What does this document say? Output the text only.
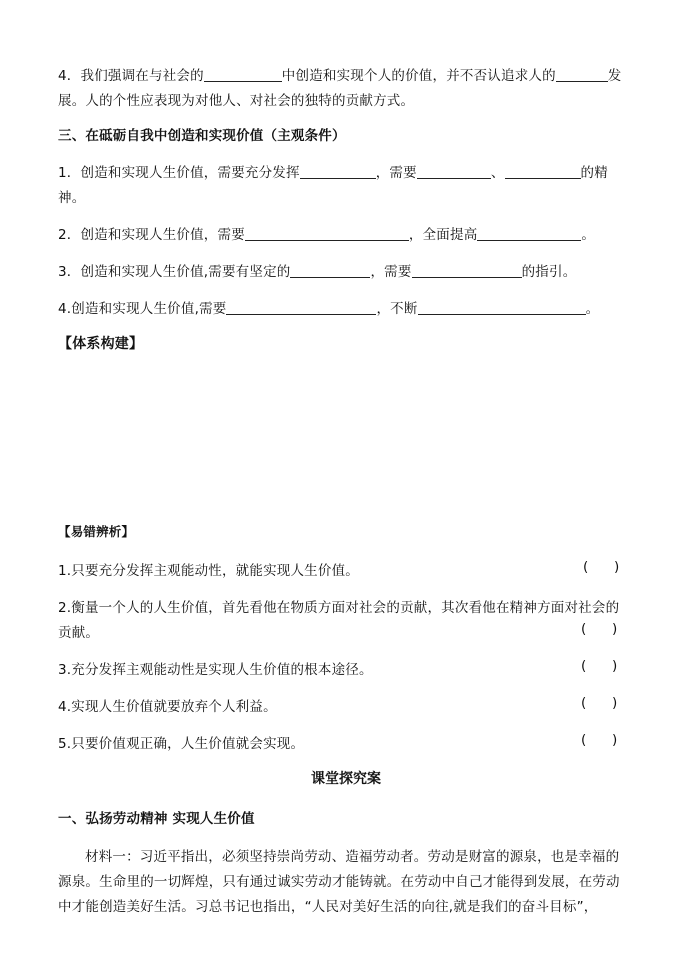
4．我们强调在与社会的	中创造和实现个人的价值，并不否认追求人的	发
展。人的个性应表现为对他人、对社会的独特的贡献方式。
三、在砥砺自我中创造和实现价值（主观条件）
1．创造和实现人生价值，需要充分发挥	，需要	、	的精
神。
2．创造和实现人生价值，需要	，全面提高	。
3．创造和实现人生价值,需要有坚定的	，需要	的指引。
4.创造和实现人生价值,需要	，不断	。
【体系构建】
【易错辨析】
1.只要充分发挥主观能动性，就能实现人生价值。	(      )
2.衡量一个人的人生价值，首先看他在物质方面对社会的贡献，其次看他在精神方面对社会的
贡献。	(      )
3.充分发挥主观能动性是实现人生价值的根本途径。	(      )
4.实现人生价值就要放弃个人利益。	(      )
5.只要价值观正确，人生价值就会实现。	(      )
课堂探究案
一、弘扬劳动精神 实现人生价值
材料一：习近平指出，必须坚持崇尚劳动、造福劳动者。劳动是财富的源泉，也是幸福的
源泉。生命里的一切辉煌，只有通过诚实劳动才能铸就。在劳动中自己才能得到发展，在劳动
中才能创造美好生活。习总书记也指出，“人民对美好生活的向往,就是我们的奋斗目标”，
